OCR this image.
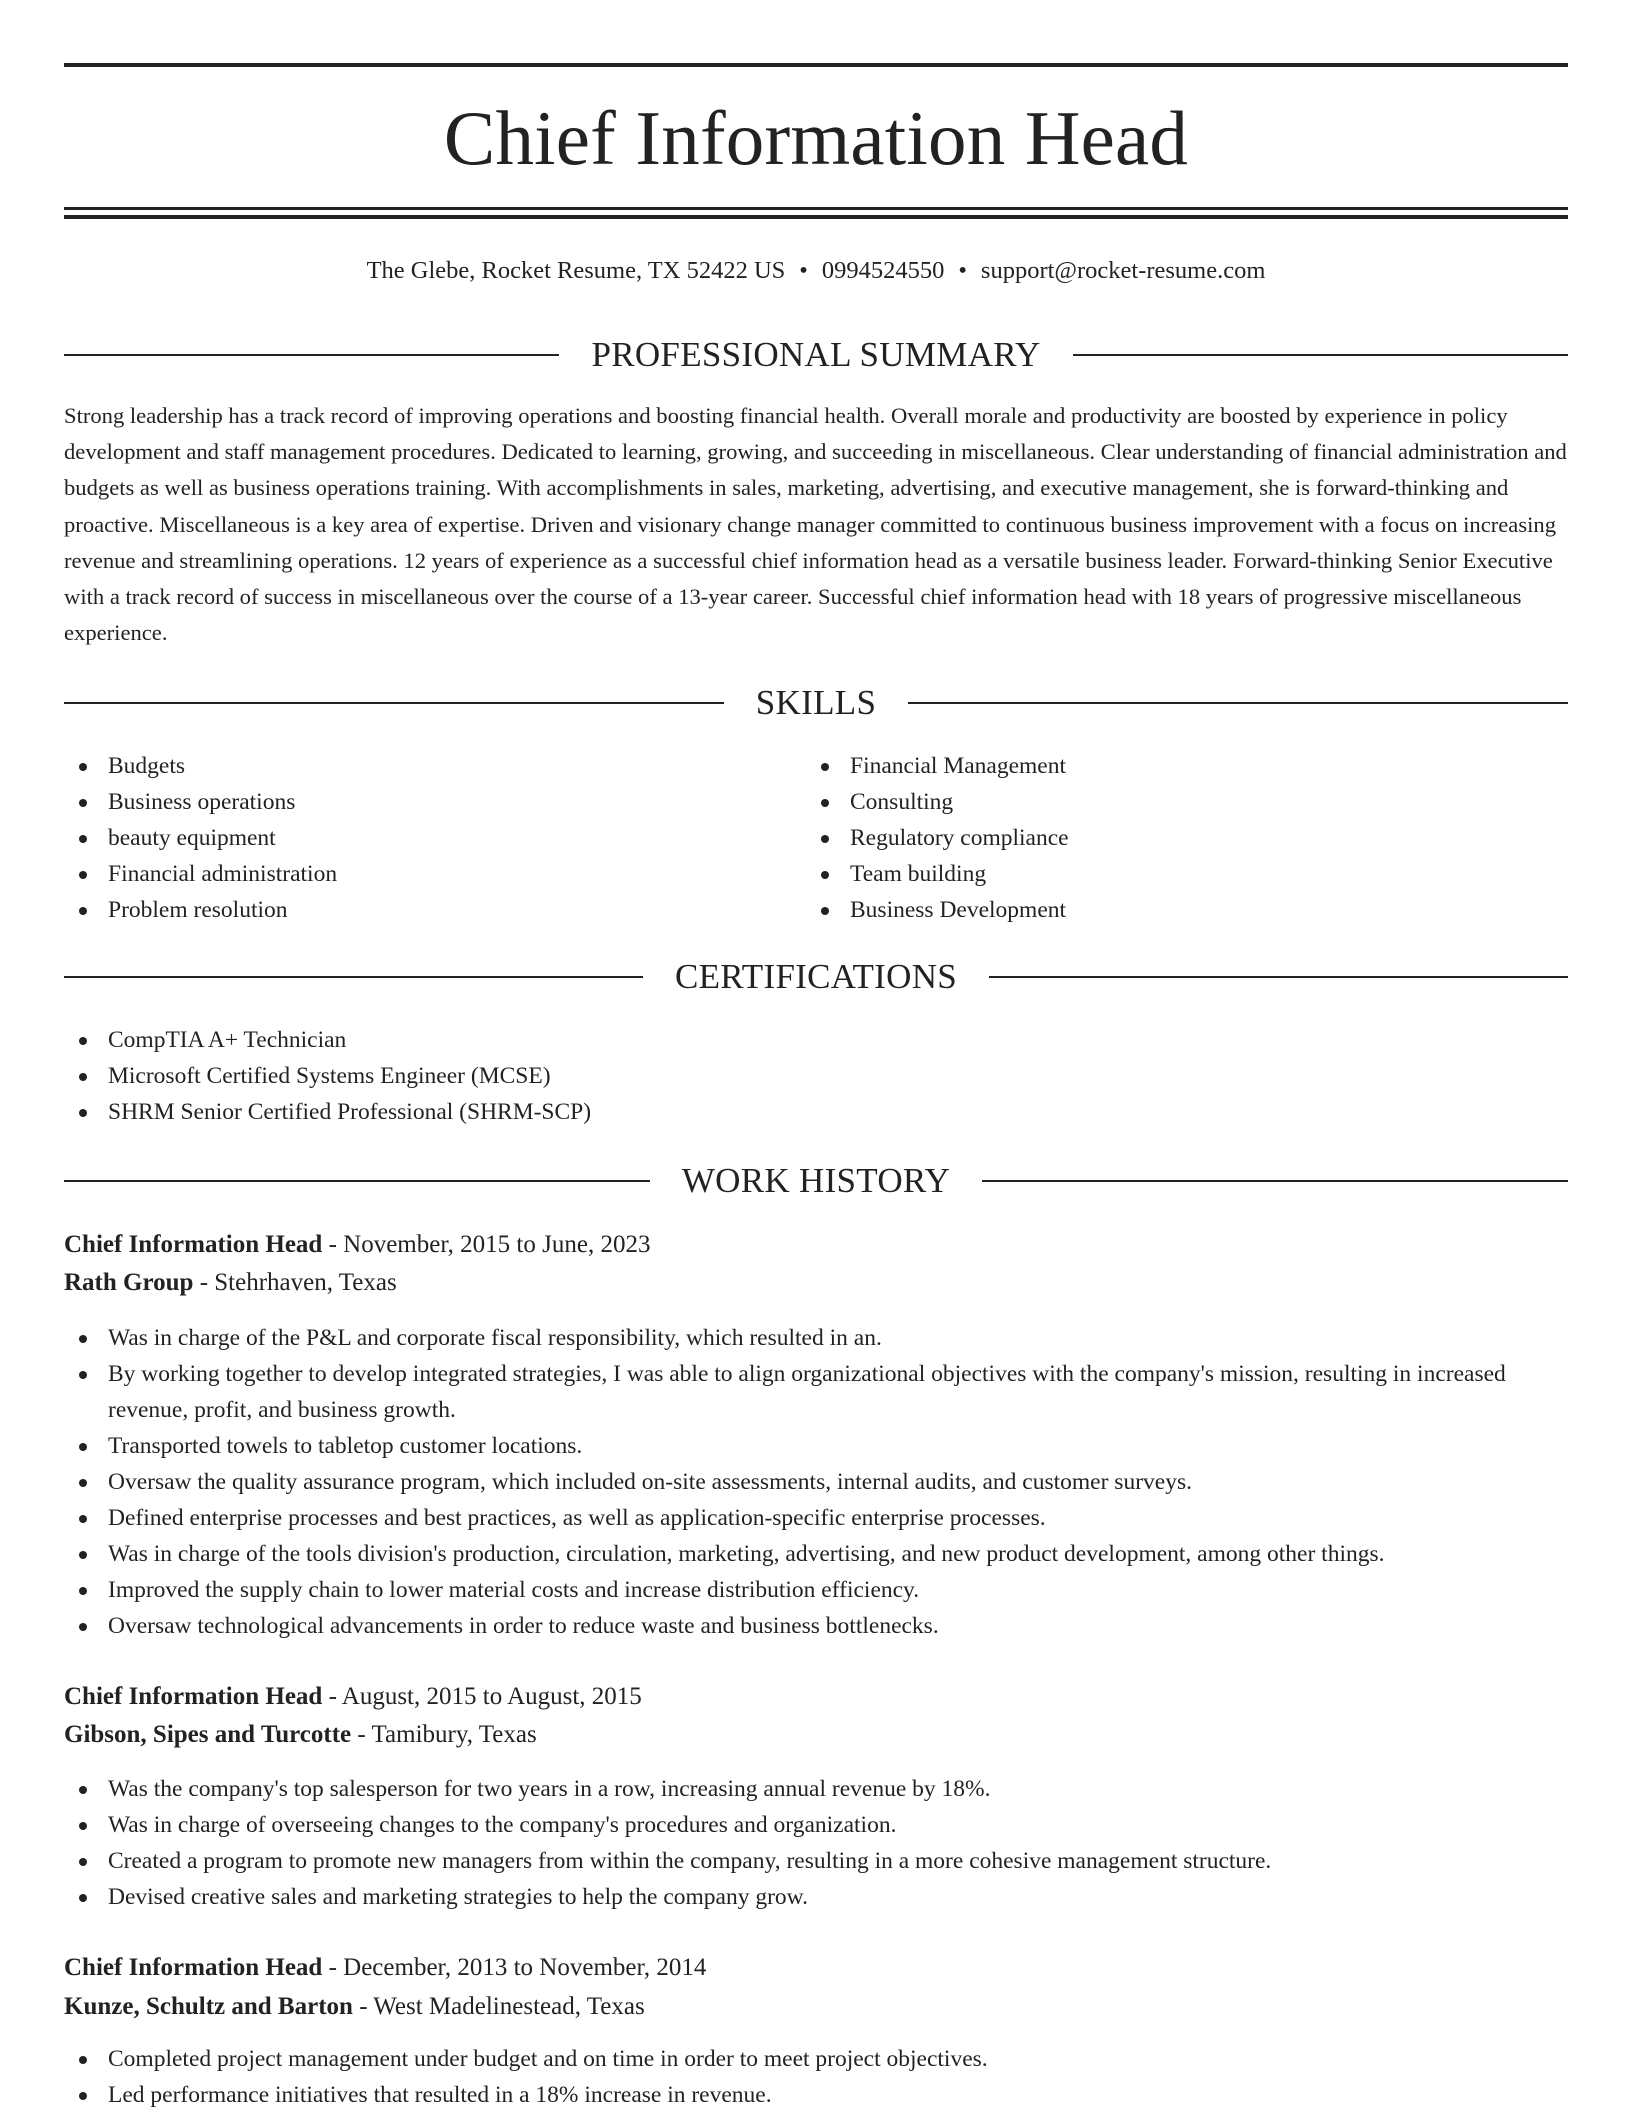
Chief Information Head
The Glebe, Rocket Resume, TX 52422 US • 0994524550 • support@rocket-resume.com
PROFESSIONAL SUMMARY

Strong leadership has a track record of improving operations and boosting financial health. Overall morale and productivity are boosted by experience in policy development and staff management procedures. Dedicated to learning, growing, and succeeding in miscellaneous. Clear understanding of financial administration and budgets as well as business operations training. With accomplishments in sales, marketing, advertising, and executive management, she is forward-thinking and proactive. Miscellaneous is a key area of expertise. Driven and visionary change manager committed to continuous business improvement with a focus on increasing revenue and streamlining operations. 12 years of experience as a successful chief information head as a versatile business leader. Forward-thinking Senior Executive with a track record of success in miscellaneous over the course of a 13-year career. Successful chief information head with 18 years of progressive miscellaneous experience.

SKILLS
Budgets
Business operations
beauty equipment
Financial administration
Problem resolution
Financial Management
Consulting
Regulatory compliance
Team building
Business Development
CERTIFICATIONS
CompTIA A+ Technician
Microsoft Certified Systems Engineer (MCSE)
SHRM Senior Certified Professional (SHRM-SCP)
WORK HISTORY
Chief Information Head - November, 2015 to June, 2023
Rath Group - Stehrhaven, Texas
Was in charge of the P&L and corporate fiscal responsibility, which resulted in an.
By working together to develop integrated strategies, I was able to align organizational objectives with the company's mission, resulting in increased revenue, profit, and business growth.
Transported towels to tabletop customer locations.
Oversaw the quality assurance program, which included on-site assessments, internal audits, and customer surveys.
Defined enterprise processes and best practices, as well as application-specific enterprise processes.
Was in charge of the tools division's production, circulation, marketing, advertising, and new product development, among other things.
Improved the supply chain to lower material costs and increase distribution efficiency.
Oversaw technological advancements in order to reduce waste and business bottlenecks.
Chief Information Head - August, 2015 to August, 2015
Gibson, Sipes and Turcotte - Tamibury, Texas
Was the company's top salesperson for two years in a row, increasing annual revenue by 18%.
Was in charge of overseeing changes to the company's procedures and organization.
Created a program to promote new managers from within the company, resulting in a more cohesive management structure.
Devised creative sales and marketing strategies to help the company grow.
Chief Information Head - December, 2013 to November, 2014
Kunze, Schultz and Barton - West Madelinestead, Texas
Completed project management under budget and on time in order to meet project objectives.
Led performance initiatives that resulted in a 18% increase in revenue.
